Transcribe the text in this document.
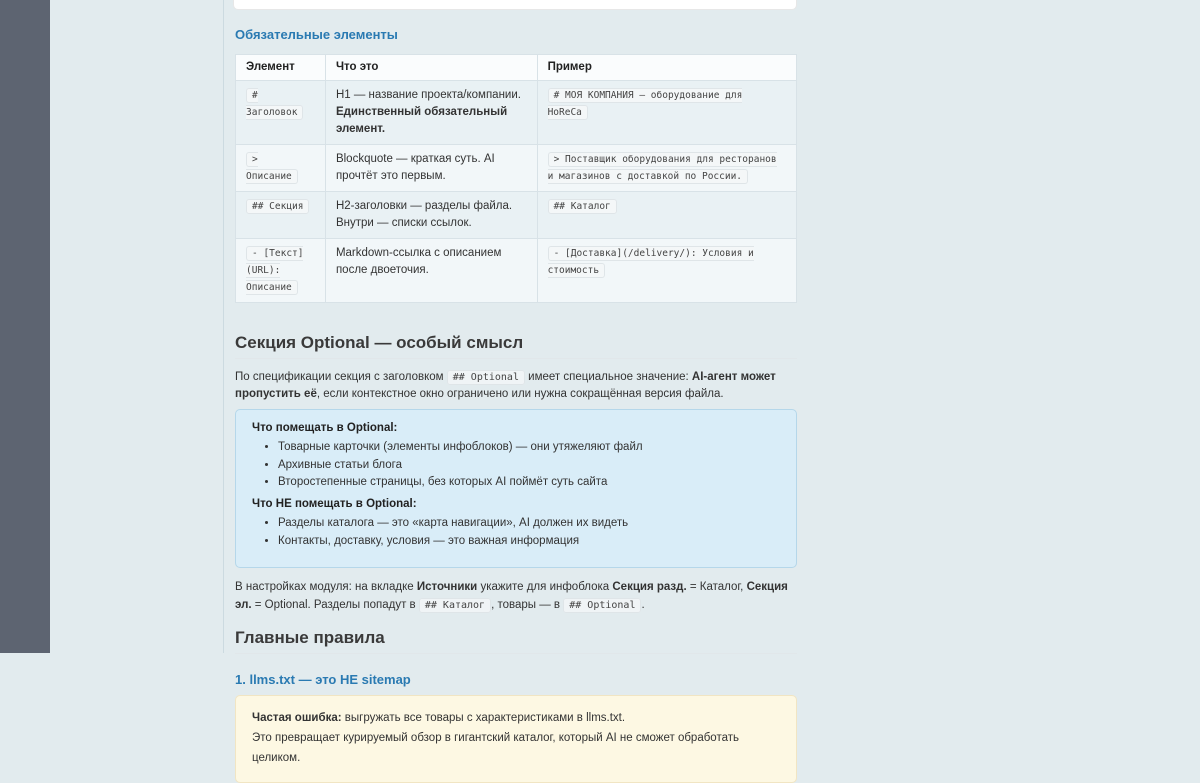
Обязательные элементы
Элемент	Что это	Пример
# Заголовок	H1 — название проекта/компании. Единственный обязательный элемент.	# МОЯ КОМПАНИЯ — оборудование для HoReCa
> Описание	Blockquote — краткая суть. AI прочтёт это первым.	> Поставщик оборудования для ресторанов и магазинов с доставкой по России.
## Секция	H2-заголовки — разделы файла. Внутри — списки ссылок.	## Каталог
- [Текст](URL): Описание	Markdown-ссылка с описанием после двоеточия.	- [Доставка](/delivery/): Условия и стоимость
Секция Optional — особый смысл

По спецификации секция с заголовком ## Optional имеет специальное значение: AI-агент может пропустить её, если контекстное окно ограничено или нужна сокращённая версия файла.

Что помещать в Optional:

• Товарные карточки (элементы инфоблоков) — они утяжеляют файл
• Архивные статьи блога
• Второстепенные страницы, без которых AI поймёт суть сайта

Что НЕ помещать в Optional:

• Разделы каталога — это «карта навигации», AI должен их видеть
• Контакты, доставку, условия — это важная информация

В настройках модуля: на вкладке Источники укажите для инфоблока Секция разд. = Каталог, Секция эл. = Optional. Разделы попадут в ## Каталог , товары — в ## Optional .

Главные правила
1. llms.txt — это НЕ sitemap

Частая ошибка: выгружать все товары с характеристиками в llms.txt.

Это превращает курируемый обзор в гигантский каталог, который AI не сможет обработать целиком.
